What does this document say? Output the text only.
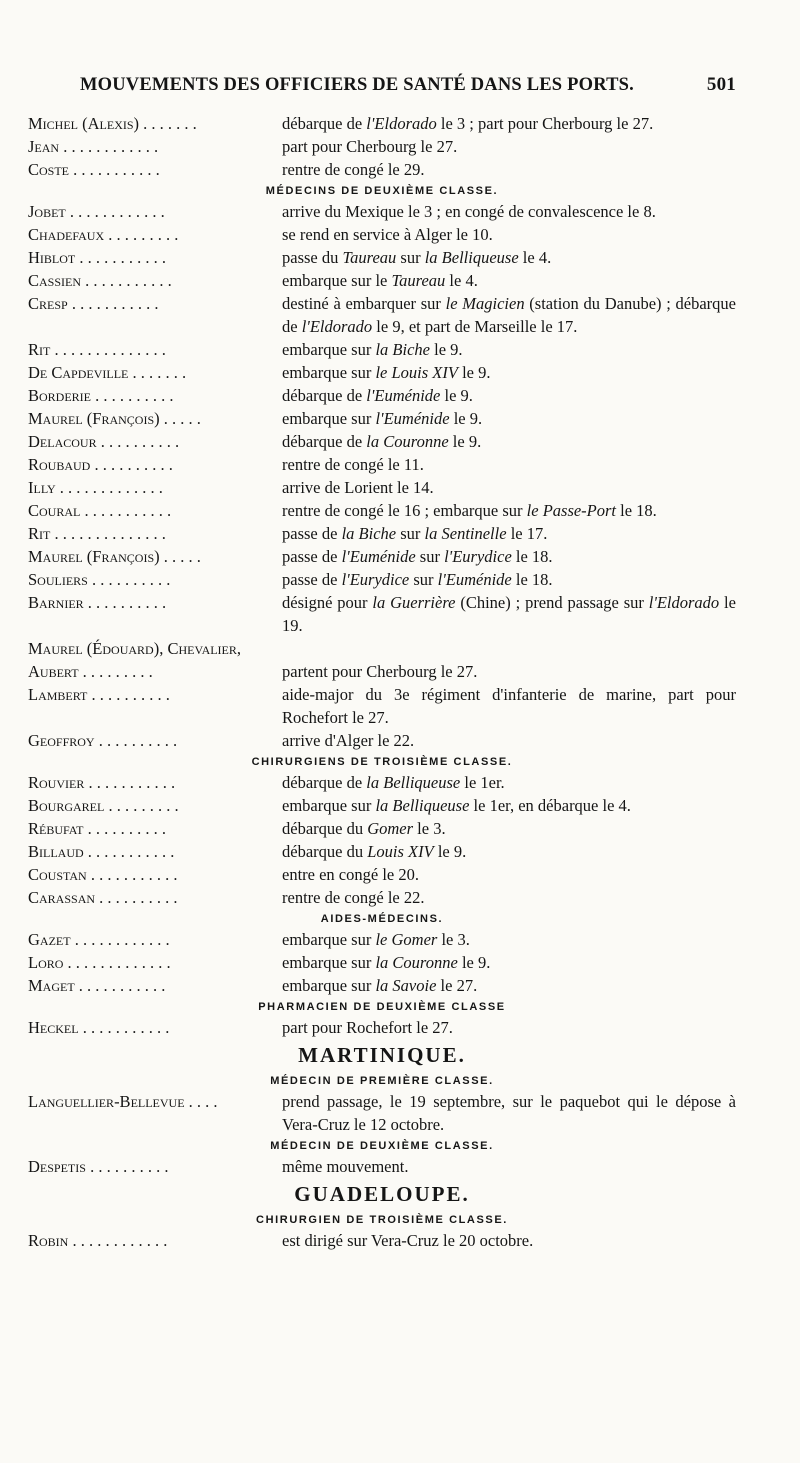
MOUVEMENTS DES OFFICIERS DE SANTÉ DANS LES PORTS.	501
Michel (Alexis) . . . . . . .	débarque de l'Eldorado le 3 ; part pour Cherbourg le 27.
Jean . . . . . . . . . . . .	part pour Cherbourg le 27.
Coste . . . . . . . . . . .	rentre de congé le 29.
MÉDECINS DE DEUXIÈME CLASSE.
Jobet . . . . . . . . . . . .	arrive du Mexique le 3 ; en congé de convalescence le 8.
Chadefaux . . . . . . . . .	se rend en service à Alger le 10.
Hiblot . . . . . . . . . . .	passe du Taureau sur la Belliqueuse le 4.
Cassien . . . . . . . . . . .	embarque sur le Taureau le 4.
Cresp . . . . . . . . . . .	destiné à embarquer sur le Magicien (station du Danube) ; débarque de l'Eldorado le 9, et part de Marseille le 17.
Rit . . . . . . . . . . . . . .	embarque sur la Biche le 9.
De Capdeville . . . . . . .	embarque sur le Louis XIV le 9.
Borderie . . . . . . . . . .	débarque de l'Euménide le 9.
Maurel (François) . . . . .	embarque sur l'Euménide le 9.
Delacour . . . . . . . . . .	débarque de la Couronne le 9.
Roubaud . . . . . . . . . .	rentre de congé le 11.
Illy . . . . . . . . . . . . .	arrive de Lorient le 14.
Coural . . . . . . . . . . .	rentre de congé le 16 ; embarque sur le Passe-Port le 18.
Rit . . . . . . . . . . . . . .	passe de la Biche sur la Sentinelle le 17.
Maurel (François) . . . . .	passe de l'Euménide sur l'Eurydice le 18.
Souliers . . . . . . . . . .	passe de l'Eurydice sur l'Euménide le 18.
Barnier . . . . . . . . . .	désigné pour la Guerrière (Chine) ; prend passage sur l'Eldorado le 19.
Maurel (Édouard), Chevalier,
Aubert . . . . . . . . .	partent pour Cherbourg le 27.
Lambert . . . . . . . . . .	aide-major du 3e régiment d'infanterie de marine, part pour Rochefort le 27.
Geoffroy . . . . . . . . . .	arrive d'Alger le 22.
CHIRURGIENS DE TROISIÈME CLASSE.
Rouvier . . . . . . . . . . .	débarque de la Belliqueuse le 1er.
Bourgarel . . . . . . . . .	embarque sur la Belliqueuse le 1er, en débarque le 4.
Rébufat . . . . . . . . . .	débarque du Gomer le 3.
Billaud . . . . . . . . . . .	débarque du Louis XIV le 9.
Coustan . . . . . . . . . . .	entre en congé le 20.
Carassan . . . . . . . . . .	rentre de congé le 22.
AIDES-MÉDECINS.
Gazet . . . . . . . . . . . .	embarque sur le Gomer le 3.
Loro . . . . . . . . . . . . .	embarque sur la Couronne le 9.
Maget . . . . . . . . . . .	embarque sur la Savoie le 27.
PHARMACIEN DE DEUXIÈME CLASSE
Heckel . . . . . . . . . . .	part pour Rochefort le 27.
MARTINIQUE.
MÉDECIN DE PREMIÈRE CLASSE.
Languellier-Bellevue . . . .	prend passage, le 19 septembre, sur le paquebot qui le dépose à Vera-Cruz le 12 octobre.
MÉDECIN DE DEUXIÈME CLASSE.
Despetis . . . . . . . . . .	même mouvement.
GUADELOUPE.
CHIRURGIEN DE TROISIÈME CLASSE.
Robin . . . . . . . . . . . .	est dirigé sur Vera-Cruz le 20 octobre.
